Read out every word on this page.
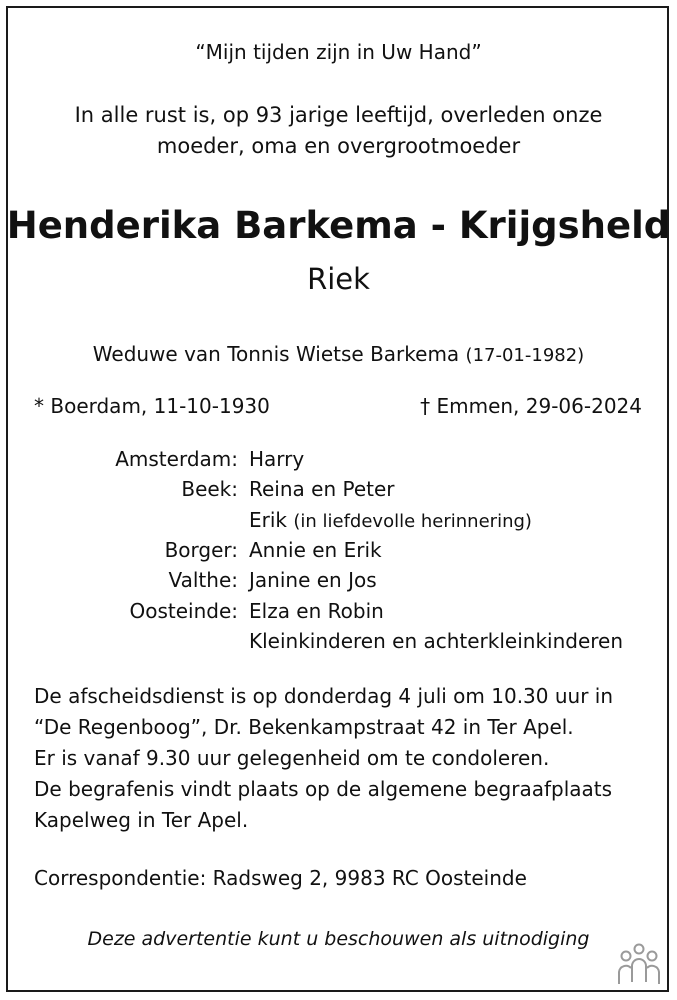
“Mijn tijden zijn in Uw Hand”
In alle rust is, op 93 jarige leeftijd, overleden onze
moeder, oma en overgrootmoeder
Henderika Barkema - Krijgsheld
Riek
Weduwe van Tonnis Wietse Barkema (17-01-1982)
* Boerdam, 11-10-1930	† Emmen, 29-06-2024
Amsterdam: Harry
Beek: Reina en Peter
Erik (in liefdevolle herinnering)
Borger: Annie en Erik
Valthe: Janine en Jos
Oosteinde: Elza en Robin
Kleinkinderen en achterkleinkinderen
De afscheidsdienst is op donderdag 4 juli om 10.30 uur in
“De Regenboog”, Dr. Bekenkampstraat 42 in Ter Apel.
Er is vanaf 9.30 uur gelegenheid om te condoleren.
De begrafenis vindt plaats op de algemene begraafplaats
Kapelweg in Ter Apel.
Correspondentie: Radsweg 2, 9983 RC Oosteinde
Deze advertentie kunt u beschouwen als uitnodiging
